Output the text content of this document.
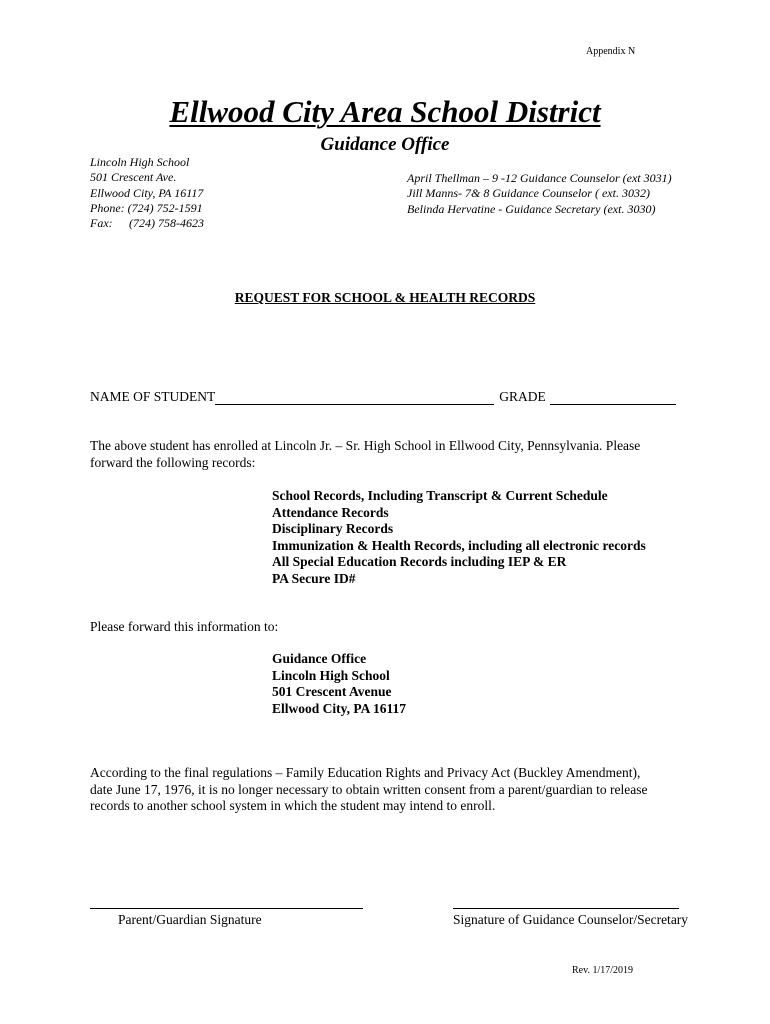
Appendix N
Ellwood City Area School District
Guidance Office
Lincoln High School
501 Crescent Ave.
Ellwood City, PA 16117
Phone: (724) 752-1591
Fax: (724) 758-4623
April Thellman – 9 -12 Guidance Counselor (ext 3031)
Jill Manns- 7& 8 Guidance Counselor ( ext. 3032)
Belinda Hervatine - Guidance Secretary (ext. 3030)
REQUEST FOR SCHOOL & HEALTH RECORDS
NAME OF STUDENT	GRADE
The above student has enrolled at Lincoln Jr. – Sr. High School in Ellwood City, Pennsylvania. Please
forward the following records:
School Records, Including Transcript & Current Schedule
Attendance Records
Disciplinary Records
Immunization & Health Records, including all electronic records
All Special Education Records including IEP & ER
PA Secure ID#
Please forward this information to:
Guidance Office
Lincoln High School
501 Crescent Avenue
Ellwood City, PA 16117
According to the final regulations – Family Education Rights and Privacy Act (Buckley Amendment),
date June 17, 1976, it is no longer necessary to obtain written consent from a parent/guardian to release
records to another school system in which the student may intend to enroll.
Parent/Guardian Signature	Signature of Guidance Counselor/Secretary
Rev. 1/17/2019
